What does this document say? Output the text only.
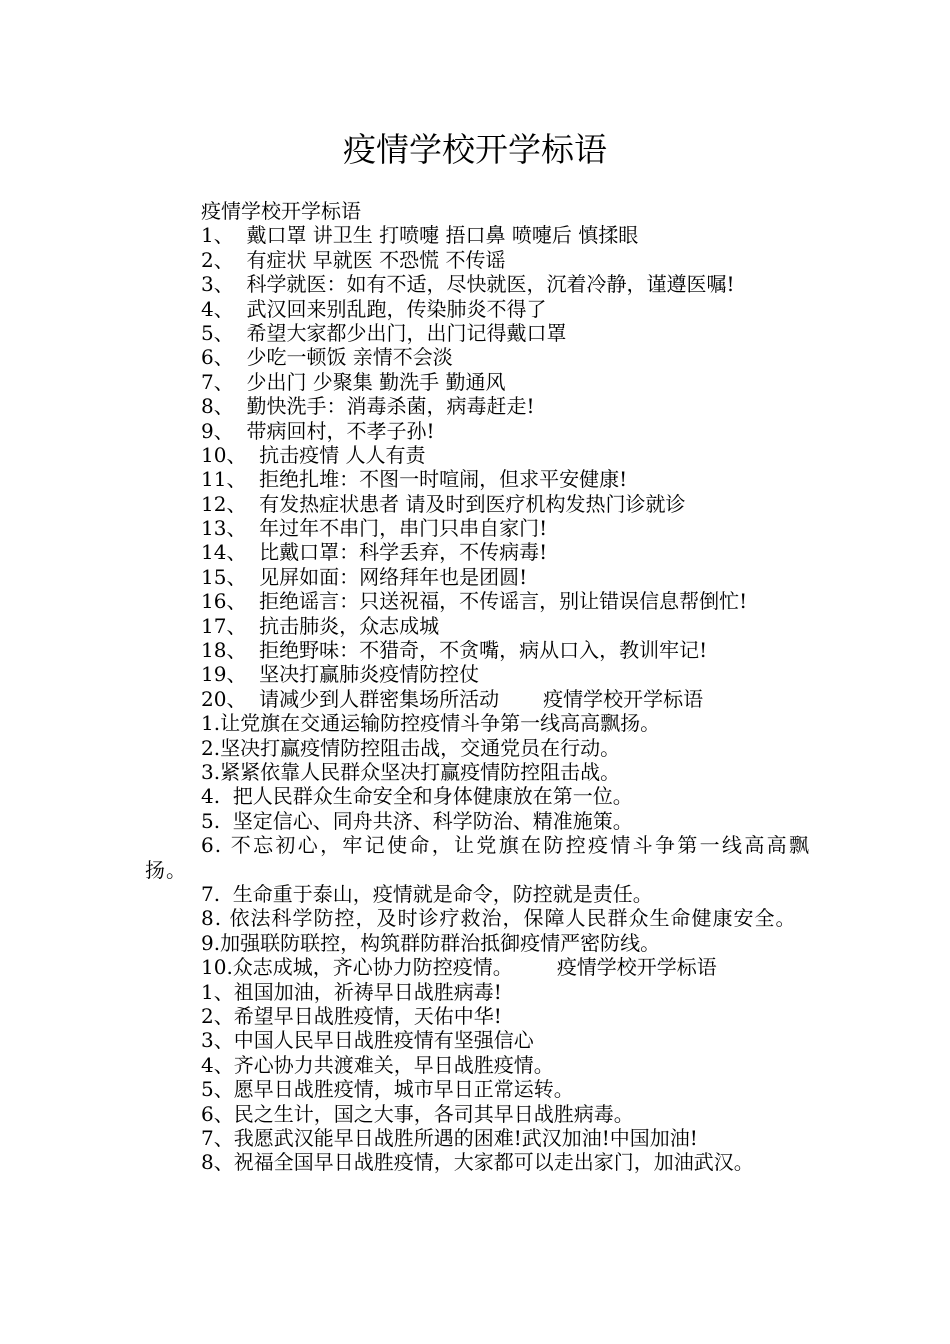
疫情学校开学标语
疫情学校开学标语
1、  戴口罩 讲卫生 打喷嚏 捂口鼻 喷嚏后 慎揉眼
2、  有症状 早就医 不恐慌 不传谣
3、  科学就医：如有不适，尽快就医，沉着冷静，谨遵医嘱!
4、  武汉回来别乱跑，传染肺炎不得了
5、  希望大家都少出门，出门记得戴口罩
6、  少吃一顿饭 亲情不会淡
7、  少出门 少聚集 勤洗手 勤通风
8、  勤快洗手：消毒杀菌，病毒赶走!
9、  带病回村，不孝子孙!
10、  抗击疫情 人人有责
11、  拒绝扎堆：不图一时喧闹，但求平安健康!
12、  有发热症状患者 请及时到医疗机构发热门诊就诊
13、  年过年不串门，串门只串自家门!
14、  比戴口罩：科学丢弃，不传病毒!
15、  见屏如面：网络拜年也是团圆!
16、  拒绝谣言：只送祝福，不传谣言，别让错误信息帮倒忙!
17、  抗击肺炎，众志成城
18、  拒绝野味：不猎奇，不贪嘴，病从口入，教训牢记!
19、  坚决打赢肺炎疫情防控仗
20、  请减少到人群密集场所活动 疫情学校开学标语
1.让党旗在交通运输防控疫情斗争第一线高高飘扬。
2.坚决打赢疫情防控阻击战，交通党员在行动。
3.紧紧依靠人民群众坚决打赢疫情防控阻击战。
4.  把人民群众生命安全和身体健康放在第一位。
5.  坚定信心、同舟共济、科学防治、精准施策。
6. 不忘初心，牢记使命，让党旗在防控疫情斗争第一线高高飘扬。
7.  生命重于泰山，疫情就是命令，防控就是责任。
8. 依法科学防控，及时诊疗救治，保障人民群众生命健康安全。
9.加强联防联控，构筑群防群治抵御疫情严密防线。
10.众志成城，齐心协力防控疫情。 疫情学校开学标语
1、祖国加油，祈祷早日战胜病毒!
2、希望早日战胜疫情，天佑中华!
3、中国人民早日战胜疫情有坚强信心
4、齐心协力共渡难关，早日战胜疫情。
5、愿早日战胜疫情，城市早日正常运转。
6、民之生计，国之大事，各司其早日战胜病毒。
7、我愿武汉能早日战胜所遇的困难!武汉加油!中国加油!
8、祝福全国早日战胜疫情，大家都可以走出家门，加油武汉。
